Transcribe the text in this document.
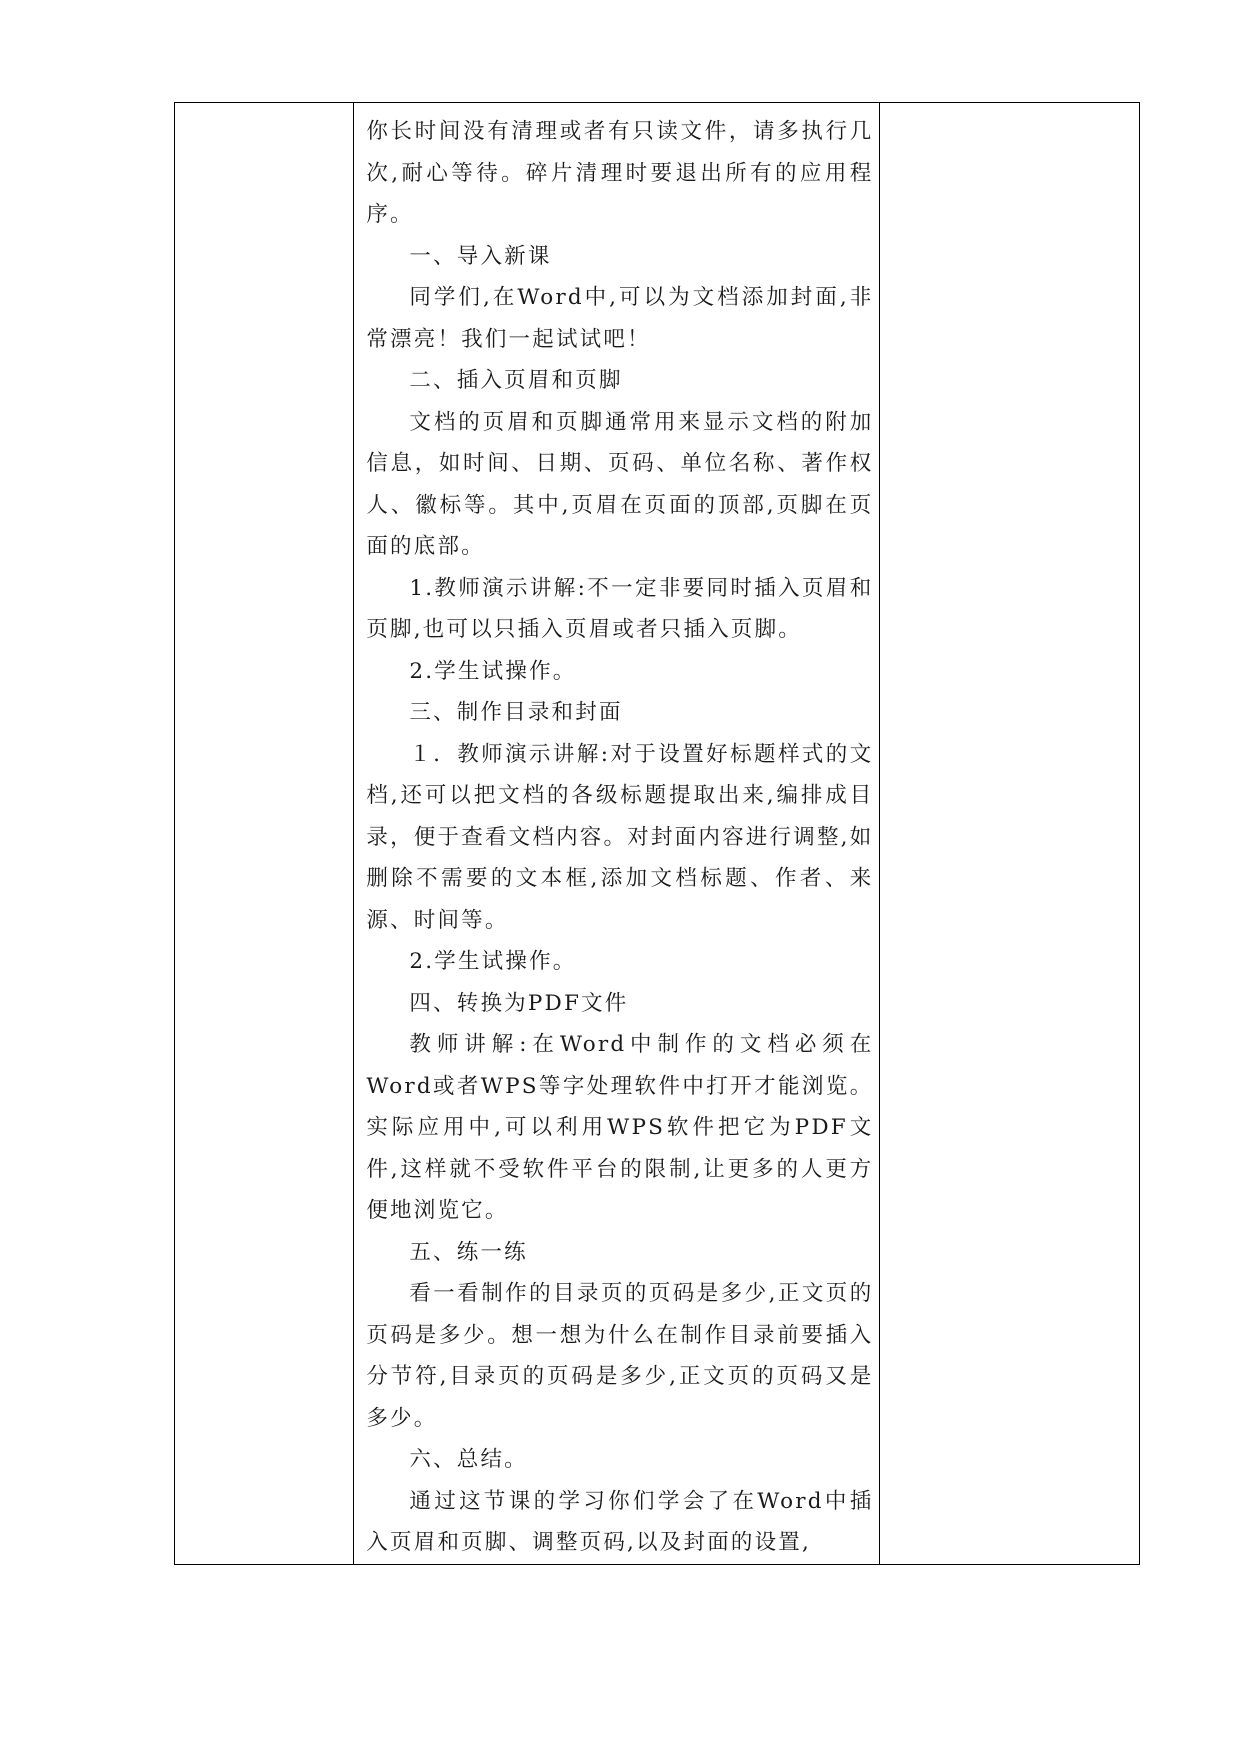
你长时间没有清理或者有只读文件，请多执行几次,耐心等待。碎片清理时要退出所有的应用程序。

一、导入新课

同学们,在Word中,可以为文档添加封面,非常漂亮！我们一起试试吧！

二、插入页眉和页脚

文档的页眉和页脚通常用来显示文档的附加信息，如时间、日期、页码、单位名称、著作权人、徽标等。其中,页眉在页面的顶部,页脚在页面的底部。

1.教师演示讲解:不一定非要同时插入页眉和页脚,也可以只插入页眉或者只插入页脚。

2.学生试操作。

三、制作目录和封面

１．教师演示讲解:对于设置好标题样式的文档,还可以把文档的各级标题提取出来,编排成目录，便于查看文档内容。对封面内容进行调整,如删除不需要的文本框,添加文档标题、作者、来源、时间等。

2.学生试操作。

四、转换为PDF文件

教师讲解:在Word中制作的文档必须在Word或者WPS等字处理软件中打开才能浏览。实际应用中,可以利用WPS软件把它为PDF文件,这样就不受软件平台的限制,让更多的人更方便地浏览它。

五、练一练

看一看制作的目录页的页码是多少,正文页的页码是多少。想一想为什么在制作目录前要插入分节符,目录页的页码是多少,正文页的页码又是多少。

六、总结。

通过这节课的学习你们学会了在Word中插入页眉和页脚、调整页码,以及封面的设置,
